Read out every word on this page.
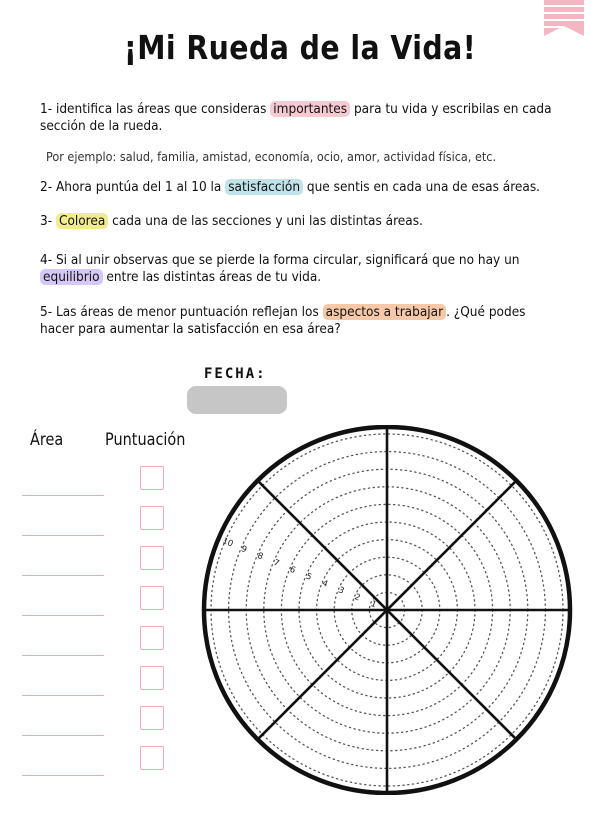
¡Mi Rueda de la Vida!
1- identifica las áreas que consideras importantes para tu vida y escribilas en cada sección de la rueda.
Por ejemplo: salud, familia, amistad, economía, ocio, amor, actividad física, etc.
2- Ahora puntúa del 1 al 10 la satisfacción que sentis en cada una de esas áreas.
3- Colorea cada una de las secciones y uni las distintas áreas.
4- Si al unir observas que se pierde la forma circular, significará que no hay un equilibrio entre las distintas áreas de tu vida.
5- Las áreas de menor puntuación reflejan los aspectos a trabajar . ¿Qué podes hacer para aumentar la satisfacción en esa área?
FECHA:
Área Puntuación
10
9
8
7
6
5
4
3
2
1
